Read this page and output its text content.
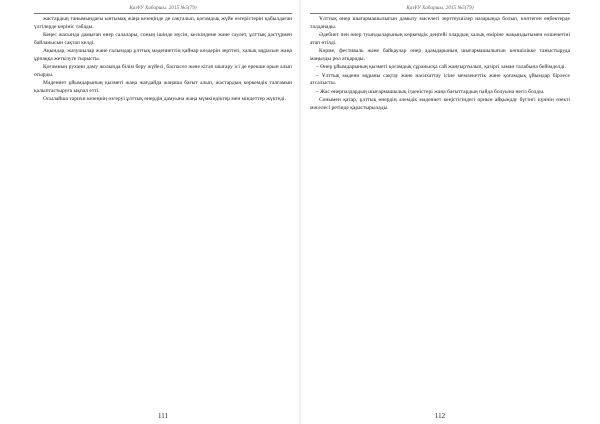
ҚазҰУ Хабаршы. 2015 №5(79)

жастардың танымындағы ынтымақ жаңа кезеңінде де сақталып, қоғамдық жүйе өзгерістерін қабылдаған үлгілерде көрініс табады.

Кеңес жасында дамыған өнер салалары, соның ішінде мүсін, кескіндеме және сәулет, ұлттық дәстүрмен байланысын сақтап келді.

Ақындар, жазушылар және ғалымдар ұлттық мәдениеттің қайнар көздерін зерттеп, халық мұрасын жаңа ұрпаққа жеткізуге тырысты.

Қоғамның рухани даму жолында білім беру жүйесі, баспасөз және кітап шығару ісі де ерекше орын алып отырды.

Мәдениет ұйымдарының қызметі жаңа жағдайда жаңаша бағыт алып, жастардың көркемдік талғамын қалыптастыруға ықпал етті.

Осылайша тарихи кезеңнің өзгеруі ұлттық өнердің дамуына жаңа мүмкіндіктер мен міндеттер жүктеді.

111
ҚазҰУ Хабаршы. 2015 №5(79)

Ұлттық өнер шығармашылығын дамыту мәселесі зерттеушілер назарында болып, көптеген еңбектерде талданады.

Әдебиет пен өнер туындыларының көркемдік деңгейі олардың халық өміріне жақындығымен өлшенетіні атап өтілді.

Көрме, фестиваль және байқаулар өнер адамдарының шығармашылығын көпшілікке таныстыруда маңызды рөл атқарады.

– Өнер ұйымдарының қызметі қоғамдық сұранысқа сай жаңғыртылып, қазіргі заман талабына бейімделді.

– Ұлттық мәдени мұраны сақтау және насихаттау ісіне мемлекеттік және қоғамдық ұйымдар бірлесе атсалысты.

– Жас өнерпаздардың шығармашылық ізденістері жаңа бағыттардың пайда болуына негіз болды.

Сонымен қатар, ұлттық өнердің әлемдік мәдениет кеңістігіндегі орнын айқындау бүгінгі күннің өзекті мәселесі ретінде қарастырылады.

112
